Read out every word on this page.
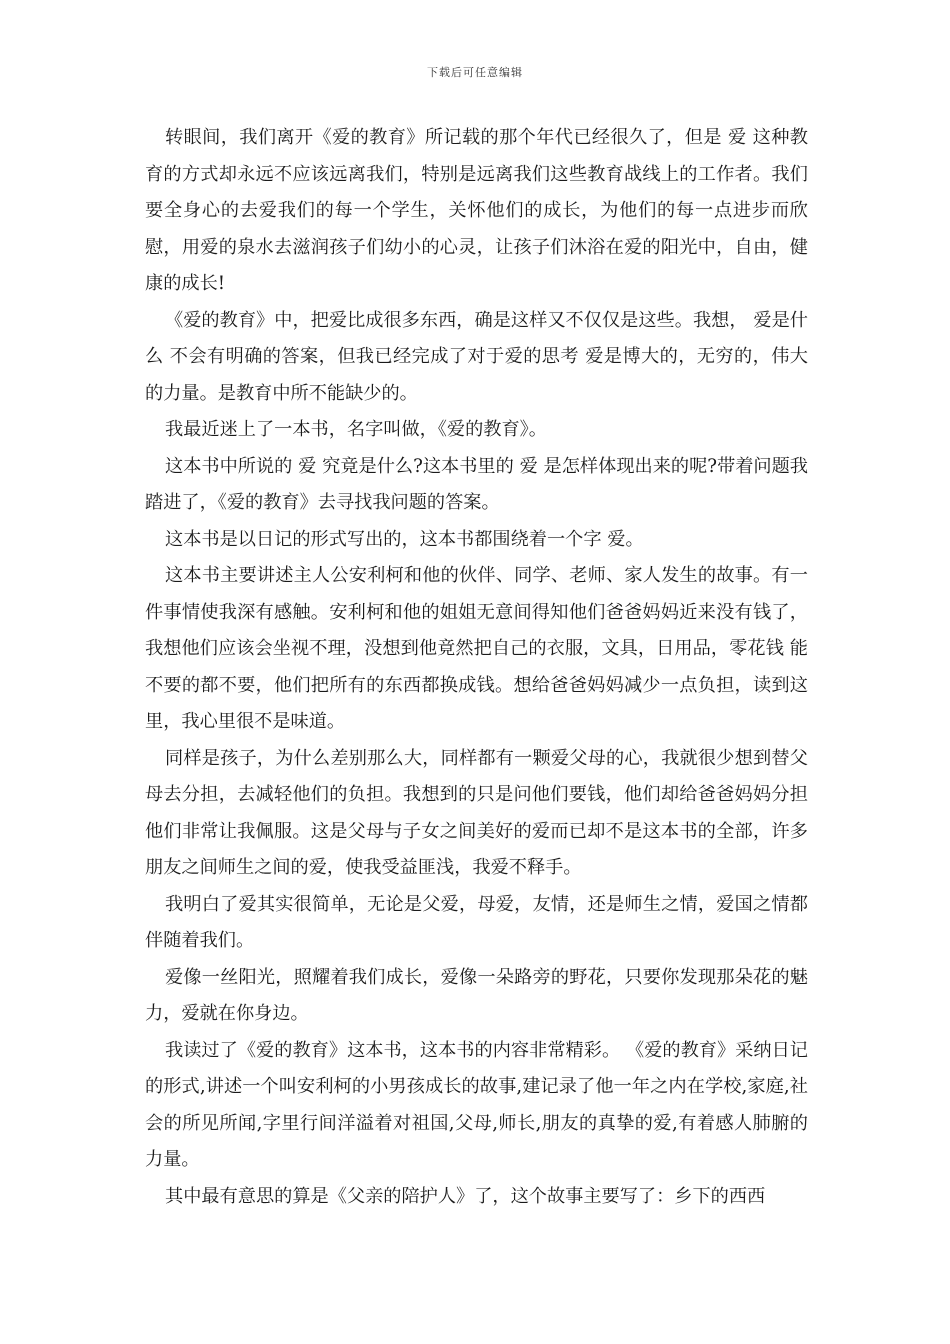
下载后可任意编辑

转眼间，我们离开《爱的教育》所记载的那个年代已经很久了，但是 爱 这种教育的方式却永远不应该远离我们，特别是远离我们这些教育战线上的工作者。我们要全身心的去爱我们的每一个学生，关怀他们的成长，为他们的每一点进步而欣慰，用爱的泉水去滋润孩子们幼小的心灵，让孩子们沐浴在爱的阳光中，自由，健康的成长!

《爱的教育》中，把爱比成很多东西，确是这样又不仅仅是这些。我想， 爱是什么 不会有明确的答案，但我已经完成了对于爱的思考 爱是博大的，无穷的，伟大的力量。是教育中所不能缺少的。

我最近迷上了一本书，名字叫做，《爱的教育》。

这本书中所说的 爱 究竟是什么?这本书里的 爱 是怎样体现出来的呢?带着问题我踏进了，《爱的教育》去寻找我问题的答案。

这本书是以日记的形式写出的，这本书都围绕着一个字 爱。

这本书主要讲述主人公安利柯和他的伙伴、同学、老师、家人发生的故事。有一件事情使我深有感触。安利柯和他的姐姐无意间得知他们爸爸妈妈近来没有钱了，我想他们应该会坐视不理，没想到他竟然把自己的衣服，文具，日用品，零花钱 能不要的都不要，他们把所有的东西都换成钱。想给爸爸妈妈减少一点负担，读到这里，我心里很不是味道。

同样是孩子，为什么差别那么大，同样都有一颗爱父母的心，我就很少想到替父母去分担，去减轻他们的负担。我想到的只是问他们要钱，他们却给爸爸妈妈分担他们非常让我佩服。这是父母与子女之间美好的爱而已却不是这本书的全部，许多朋友之间师生之间的爱，使我受益匪浅，我爱不释手。

我明白了爱其实很简单，无论是父爱，母爱，友情，还是师生之情，爱国之情都伴随着我们。

爱像一丝阳光，照耀着我们成长，爱像一朵路旁的野花，只要你发现那朵花的魅力，爱就在你身边。

我读过了《爱的教育》这本书，这本书的内容非常精彩。 《爱的教育》采纳日记的形式,讲述一个叫安利柯的小男孩成长的故事,建记录了他一年之内在学校,家庭,社会的所见所闻,字里行间洋溢着对祖国,父母,师长,朋友的真挚的爱,有着感人肺腑的力量。

其中最有意思的算是《父亲的陪护人》了，这个故事主要写了：乡下的西西
